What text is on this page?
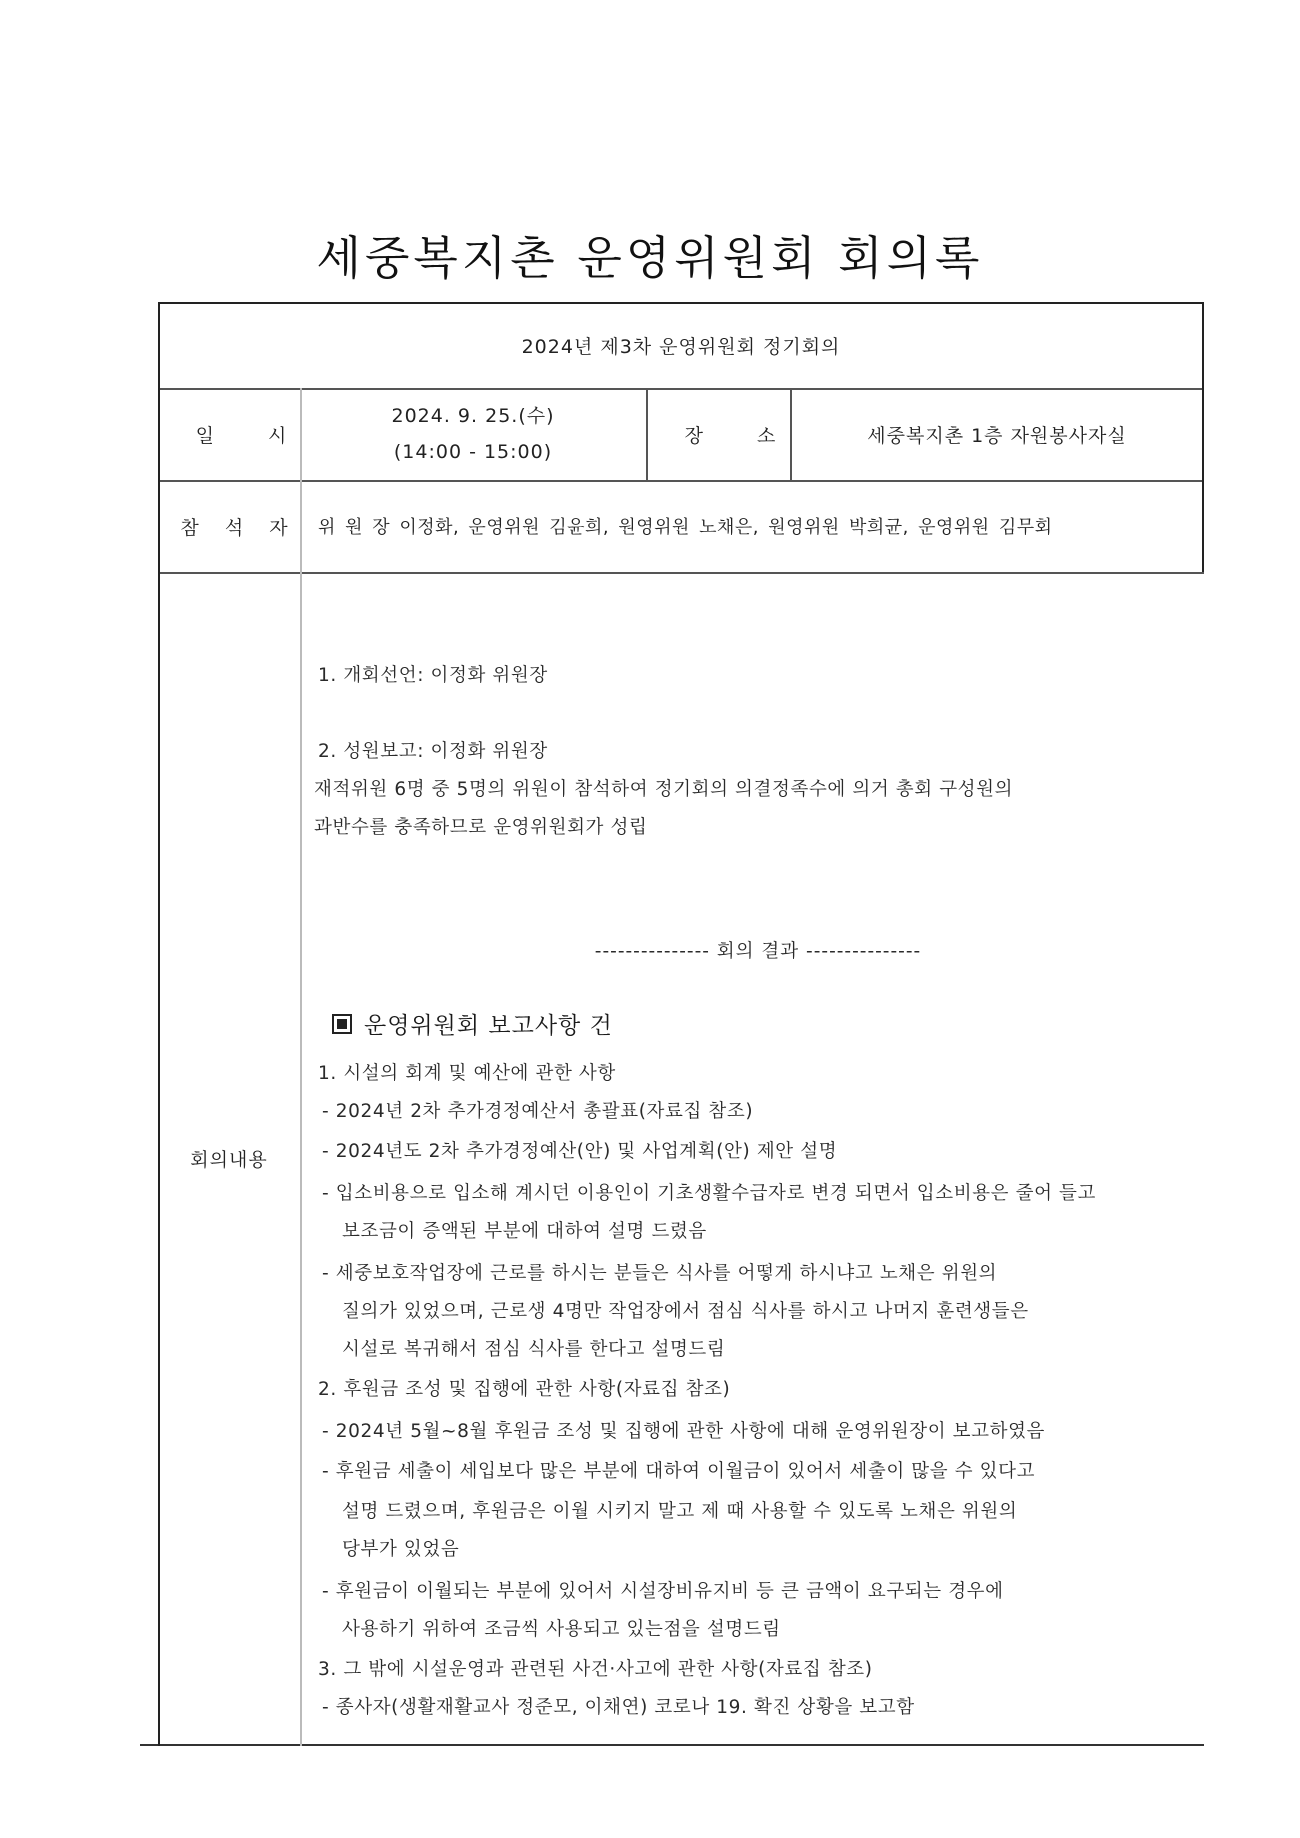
세중복지촌 운영위원회 회의록
2024년 제3차 운영위원회 정기회의
일 시
2024. 9. 25.(수)
(14:00 - 15:00)
장 소	세중복지촌 1층 자원봉사자실
참 석 자	위 원 장 이정화, 운영위원 김윤희, 원영위원 노채은, 원영위원 박희균, 운영위원 김무회
회의내용
1. 개회선언: 이정화 위원장
2. 성원보고: 이정화 위원장
재적위원 6명 중 5명의 위원이 참석하여 정기회의 의결정족수에 의거 총회 구성원의
과반수를 충족하므로 운영위원회가 성립
--------------- 회의 결과 ---------------
운영위원회 보고사항 건
1. 시설의 회계 및 예산에 관한 사항
- 2024년 2차 추가경정예산서 총괄표(자료집 참조)
- 2024년도 2차 추가경정예산(안) 및 사업계획(안) 제안 설명
- 입소비용으로 입소해 계시던 이용인이 기초생활수급자로 변경 되면서 입소비용은 줄어 들고
보조금이 증액된 부분에 대하여 설명 드렸음
- 세중보호작업장에 근로를 하시는 분들은 식사를 어떻게 하시냐고 노채은 위원의
질의가 있었으며, 근로생 4명만 작업장에서 점심 식사를 하시고 나머지 훈련생들은
시설로 복귀해서 점심 식사를 한다고 설명드림
2. 후원금 조성 및 집행에 관한 사항(자료집 참조)
- 2024년 5월~8월 후원금 조성 및 집행에 관한 사항에 대해 운영위원장이 보고하였음
- 후원금 세출이 세입보다 많은 부분에 대하여 이월금이 있어서 세출이 많을 수 있다고
설명 드렸으며, 후원금은 이월 시키지 말고 제 때 사용할 수 있도록 노채은 위원의
당부가 있었음
- 후원금이 이월되는 부분에 있어서 시설장비유지비 등 큰 금액이 요구되는 경우에
사용하기 위하여 조금씩 사용되고 있는점을 설명드림
3. 그 밖에 시설운영과 관련된 사건·사고에 관한 사항(자료집 참조)
- 종사자(생활재활교사 정준모, 이채연) 코로나 19. 확진 상황을 보고함
